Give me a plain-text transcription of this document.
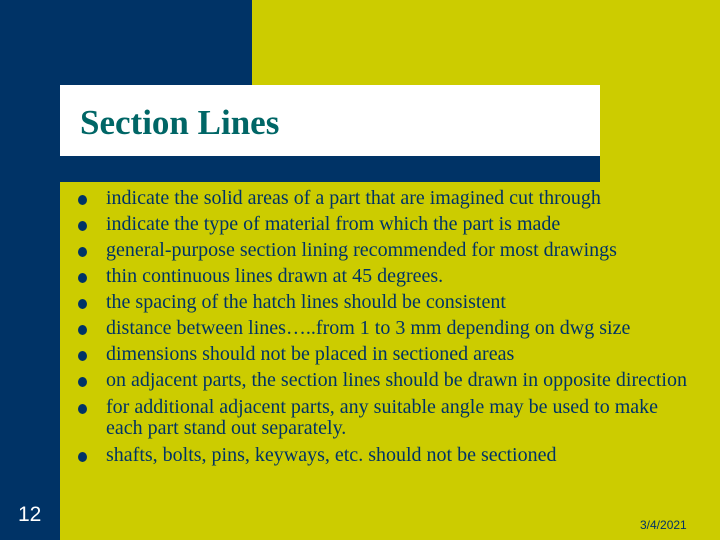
Section Lines
indicate the solid areas of a part that are imagined cut through
indicate the type of material from which the part is made
general-purpose section lining recommended for most drawings
thin continuous lines drawn at 45 degrees.
the spacing of the hatch lines should be consistent
distance between lines…..from 1 to 3 mm depending on dwg size
dimensions should not be placed in sectioned areas
on adjacent parts, the section lines should be drawn in opposite direction
for additional adjacent parts, any suitable angle may be used to make each part stand out separately.
shafts, bolts, pins, keyways, etc. should not be sectioned
12	3/4/2021
